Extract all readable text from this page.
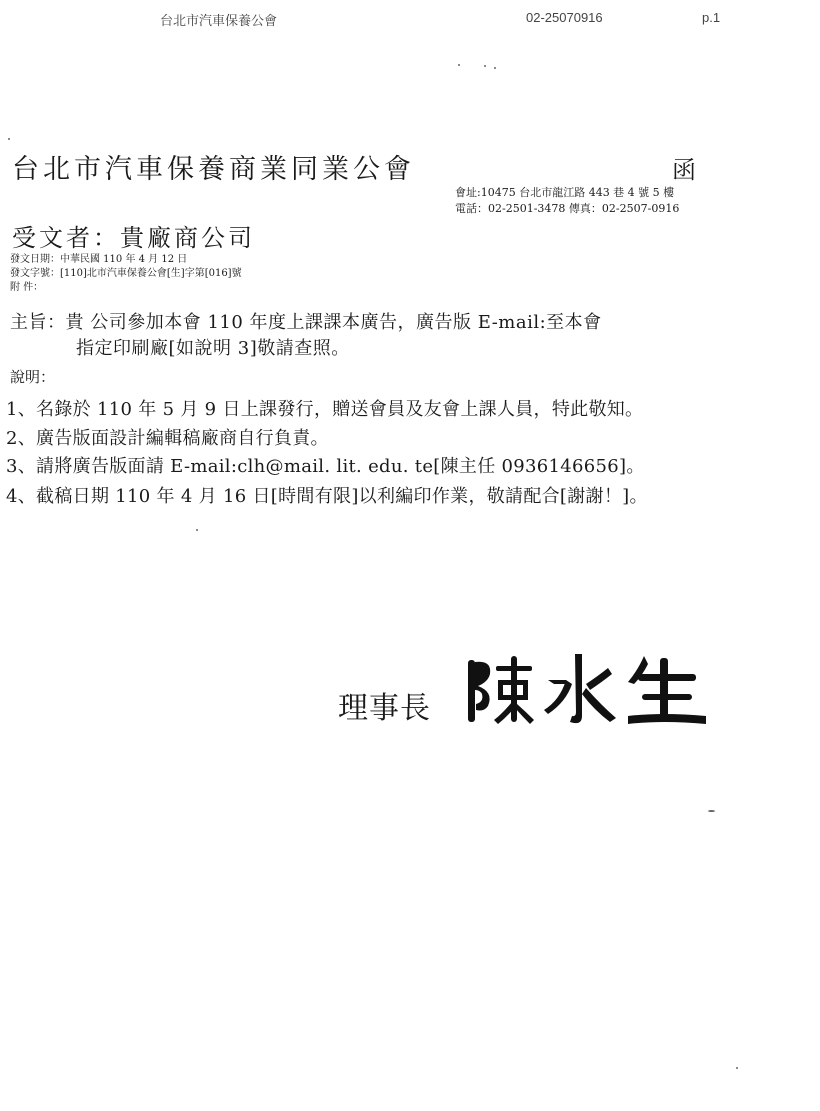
台北市汽車保養公會	02-25070916	p.1
台北市汽車保養商業同業公會	函
會址:10475 台北市龍江路 443 巷 4 號 5 樓
電話：02-2501-3478 傳真：02-2507-0916
受文者：貴廠商公司
發文日期：中華民國 110 年 4 月 12 日
發文字號：[110]北市汽車保養公會[生]字第[016]號
附 件：
主旨：貴 公司參加本會 110 年度上課課本廣告，廣告版 E-mail:至本會
指定印刷廠[如說明 3]敬請查照。
說明：
1、名錄於 110 年 5 月 9 日上課發行，贈送會員及友會上課人員，特此敬知。
2、廣告版面設計編輯稿廠商自行負責。
3、請將廣告版面請 E-mail:clh@mail. lit. edu. te[陳主任 0936146656]。
4、截稿日期 110 年 4 月 16 日[時間有限]以利編印作業，敬請配合[謝謝！]。
理事長
